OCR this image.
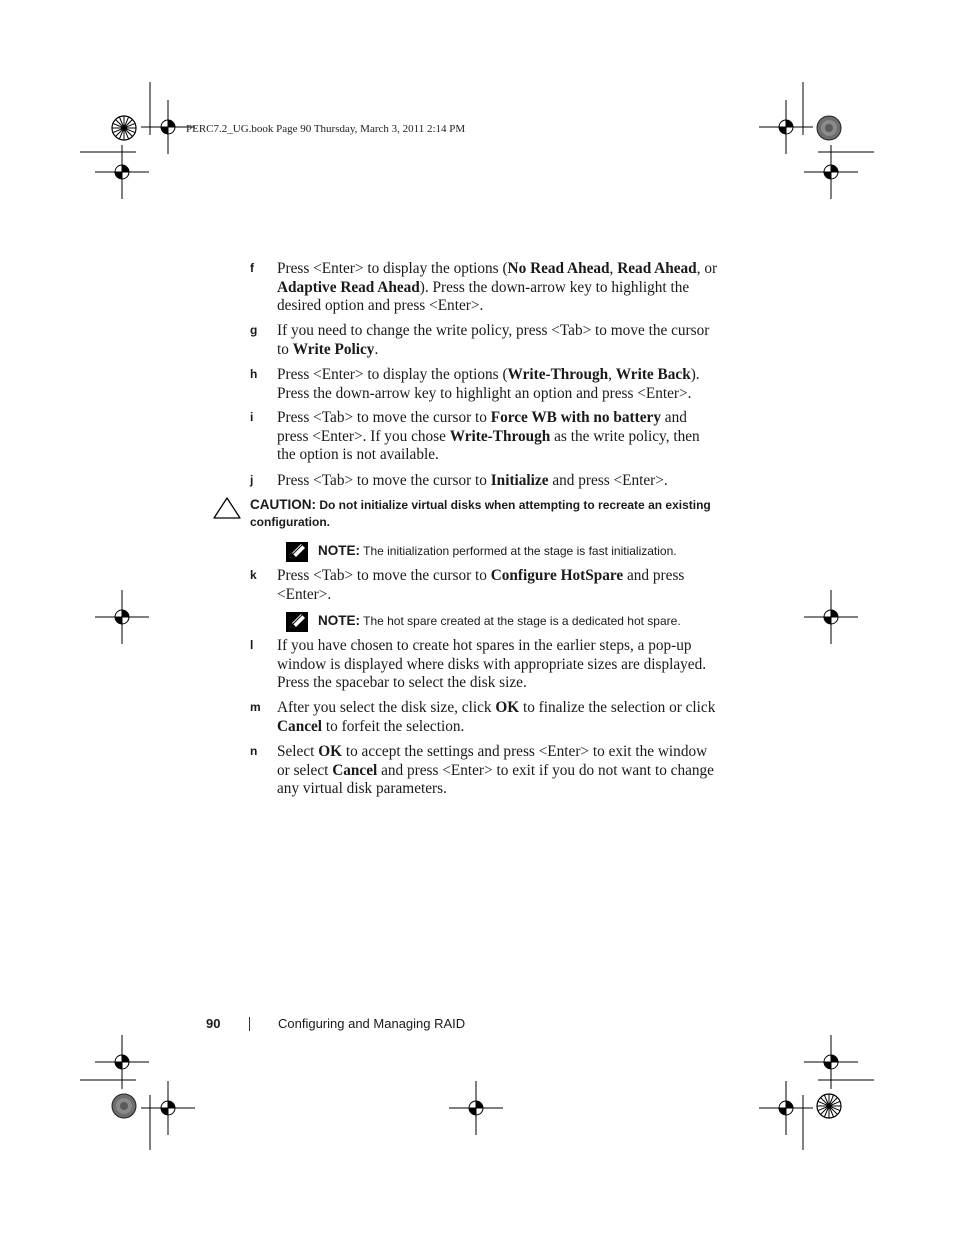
PERC7.2_UG.book Page 90 Thursday, March 3, 2011 2:14 PM
f Press <Enter> to display the options (No Read Ahead, Read Ahead, or Adaptive Read Ahead). Press the down-arrow key to highlight the desired option and press <Enter>.
g If you need to change the write policy, press <Tab> to move the cursor to Write Policy.
h Press <Enter> to display the options (Write-Through, Write Back). Press the down-arrow key to highlight an option and press <Enter>.
i Press <Tab> to move the cursor to Force WB with no battery and press <Enter>. If you chose Write-Through as the write policy, then the option is not available.
j Press <Tab> to move the cursor to Initialize and press <Enter>.
CAUTION: Do not initialize virtual disks when attempting to recreate an existing configuration.
NOTE: The initialization performed at the stage is fast initialization.
k Press <Tab> to move the cursor to Configure HotSpare and press <Enter>.
NOTE: The hot spare created at the stage is a dedicated hot spare.
l If you have chosen to create hot spares in the earlier steps, a pop-up window is displayed where disks with appropriate sizes are displayed. Press the spacebar to select the disk size.
m After you select the disk size, click OK to finalize the selection or click Cancel to forfeit the selection.
n Select OK to accept the settings and press <Enter> to exit the window or select Cancel and press <Enter> to exit if you do not want to change any virtual disk parameters.
90	Configuring and Managing RAID
